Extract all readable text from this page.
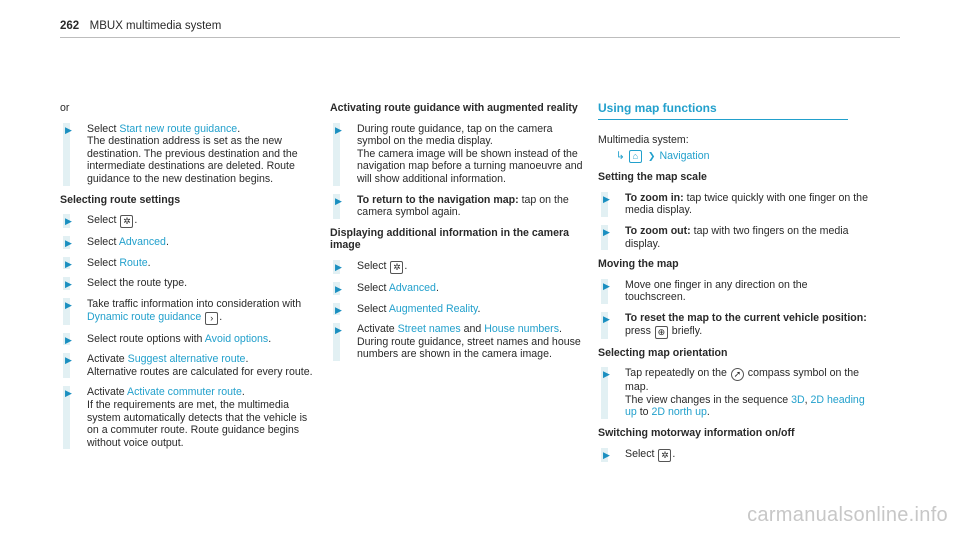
262 MBUX multimedia system
or
▶ Select Start new route guidance.
The destination address is set as the new destination. The previous destination and the intermediate destinations are deleted. Route guidance to the new destination begins.
Selecting route settings
▶ Select ✲ .
▶ Select Advanced.
▶ Select Route.
▶ Select the route type.
▶ Take traffic information into consideration with Dynamic route guidance › .
▶ Select route options with Avoid options.
▶ Activate Suggest alternative route.
Alternative routes are calculated for every route.
▶ Activate Activate commuter route.
If the requirements are met, the multimedia system automatically detects that the vehicle is on a commuter route. Route guidance begins without voice output.
Activating route guidance with augmented reality
▶ During route guidance, tap on the camera symbol on the media display.
The camera image will be shown instead of the navigation map before a turning manoeuvre and will show additional information.
▶ To return to the navigation map: tap on the camera symbol again.
Displaying additional information in the camera image
▶ Select ✲ .
▶ Select Advanced.
▶ Select Augmented Reality.
▶ Activate Street names and House numbers.
During route guidance, street names and house numbers are shown in the camera image.
Using map functions
Multimedia system:
↳ ⌂ ❯ Navigation
Setting the map scale
▶ To zoom in: tap twice quickly with one finger on the media display.
▶ To zoom out: tap with two fingers on the media display.
Moving the map
▶ Move one finger in any direction on the touchscreen.
▶ To reset the map to the current vehicle position: press ⊕ briefly.
Selecting map orientation
▶ Tap repeatedly on the ➚ compass symbol on the map.
The view changes in the sequence 3D, 2D heading up to 2D north up.
Switching motorway information on/off
▶ Select ✲ .
carmanualsonline.info
